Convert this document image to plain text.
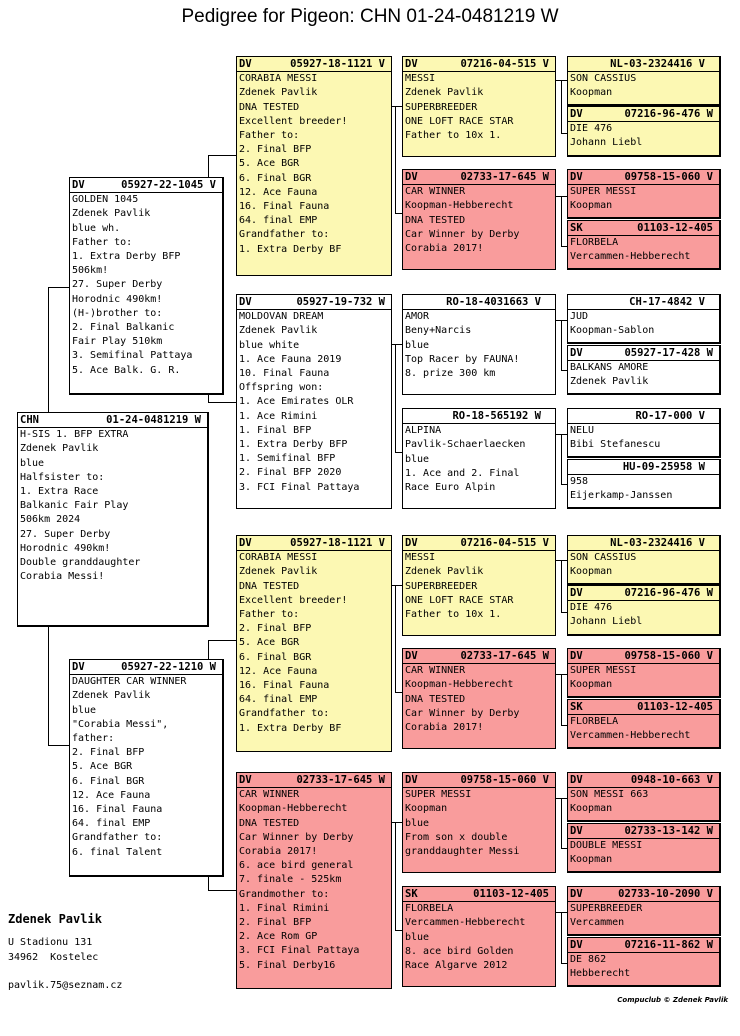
Pedigree for Pigeon: CHN 01-24-0481219 W
CHN	01-24-0481219 W
H-SIS 1. BFP EXTRA
Zdenek Pavlik
blue
Halfsister to:
1. Extra Race
Balkanic Fair Play
506km 2024
27. Super Derby
Horodnic 490km!
Double granddaughter
Corabia Messi!
DV	05927-22-1045 V
GOLDEN 1045
Zdenek Pavlik
blue wh.
Father to:
1. Extra Derby BFP
506km!
27. Super Derby
Horodnic 490km!
(H-)brother to:
2. Final Balkanic
Fair Play 510km
3. Semifinal Pattaya
5. Ace Balk. G. R.
DV	05927-22-1210 W
DAUGHTER CAR WINNER
Zdenek Pavlik
blue
"Corabia Messi",
father:
2. Final BFP
5. Ace BGR
6. Final BGR
12. Ace Fauna
16. Final Fauna
64. final EMP
Grandfather to:
6. final Talent
DV	05927-18-1121 V
CORABIA MESSI
Zdenek Pavlik
DNA TESTED
Excellent breeder!
Father to:
2. Final BFP
5. Ace BGR
6. Final BGR
12. Ace Fauna
16. Final Fauna
64. final EMP
Grandfather to:
1. Extra Derby BF
DV	05927-19-732 W
MOLDOVAN DREAM
Zdenek Pavlik
blue white
1. Ace Fauna 2019
10. Final Fauna
Offspring won:
1. Ace Emirates OLR
1. Ace Rimini
1. Final BFP
1. Extra Derby BFP
1. Semifinal BFP
2. Final BFP 2020
3. FCI Final Pattaya
DV	05927-18-1121 V
CORABIA MESSI
Zdenek Pavlik
DNA TESTED
Excellent breeder!
Father to:
2. Final BFP
5. Ace BGR
6. Final BGR
12. Ace Fauna
16. Final Fauna
64. final EMP
Grandfather to:
1. Extra Derby BF
DV	02733-17-645 W
CAR WINNER
Koopman-Hebberecht
DNA TESTED
Car Winner by Derby
Corabia 2017!
6. ace bird general
7. finale - 525km
Grandmother to:
1. Final Rimini
2. Final BFP
2. Ace Rom GP
3. FCI Final Pattaya
5. Final Derby16
DV	07216-04-515 V
MESSI
Zdenek Pavlik
SUPERBREEDER
ONE LOFT RACE STAR
Father to 10x 1.
DV	02733-17-645 W
CAR WINNER
Koopman-Hebberecht
DNA TESTED
Car Winner by Derby
Corabia 2017!
RO-18-4031663 V
AMOR
Beny+Narcis
blue
Top Racer by FAUNA!
8. prize 300 km
RO-18-565192 W
ALPINA
Pavlik-Schaerlaecken
blue
1. Ace and 2. Final
Race Euro Alpin
DV	07216-04-515 V
MESSI
Zdenek Pavlik
SUPERBREEDER
ONE LOFT RACE STAR
Father to 10x 1.
DV	02733-17-645 W
CAR WINNER
Koopman-Hebberecht
DNA TESTED
Car Winner by Derby
Corabia 2017!
DV	09758-15-060 V
SUPER MESSI
Koopman
blue
From son x double
granddaughter Messi
SK	01103-12-405
FLORBELA
Vercammen-Hebberecht
blue
8. ace bird Golden
Race Algarve 2012
NL-03-2324416 V
SON CASSIUS
Koopman
DV	07216-96-476 W
DIE 476
Johann Liebl
DV	09758-15-060 V
SUPER MESSI
Koopman
SK	01103-12-405
FLORBELA
Vercammen-Hebberecht
CH-17-4842 V
JUD
Koopman-Sablon
DV	05927-17-428 W
BALKANS AMORE
Zdenek Pavlik
RO-17-000 V
NELU
Bibi Stefanescu
HU-09-25958 W
958
Eijerkamp-Janssen
NL-03-2324416 V
SON CASSIUS
Koopman
DV	07216-96-476 W
DIE 476
Johann Liebl
DV	09758-15-060 V
SUPER MESSI
Koopman
SK	01103-12-405
FLORBELA
Vercammen-Hebberecht
DV	0948-10-663 V
SON MESSI 663
Koopman
DV	02733-13-142 W
DOUBLE MESSI
Koopman
DV	02733-10-2090 V
SUPERBREEDER
Vercammen
DV	07216-11-862 W
DE 862
Hebberecht
Zdenek Pavlik
U Stadionu 131
34962  Kostelec
pavlik.75@seznam.cz
Compuclub © Zdenek Pavlik
